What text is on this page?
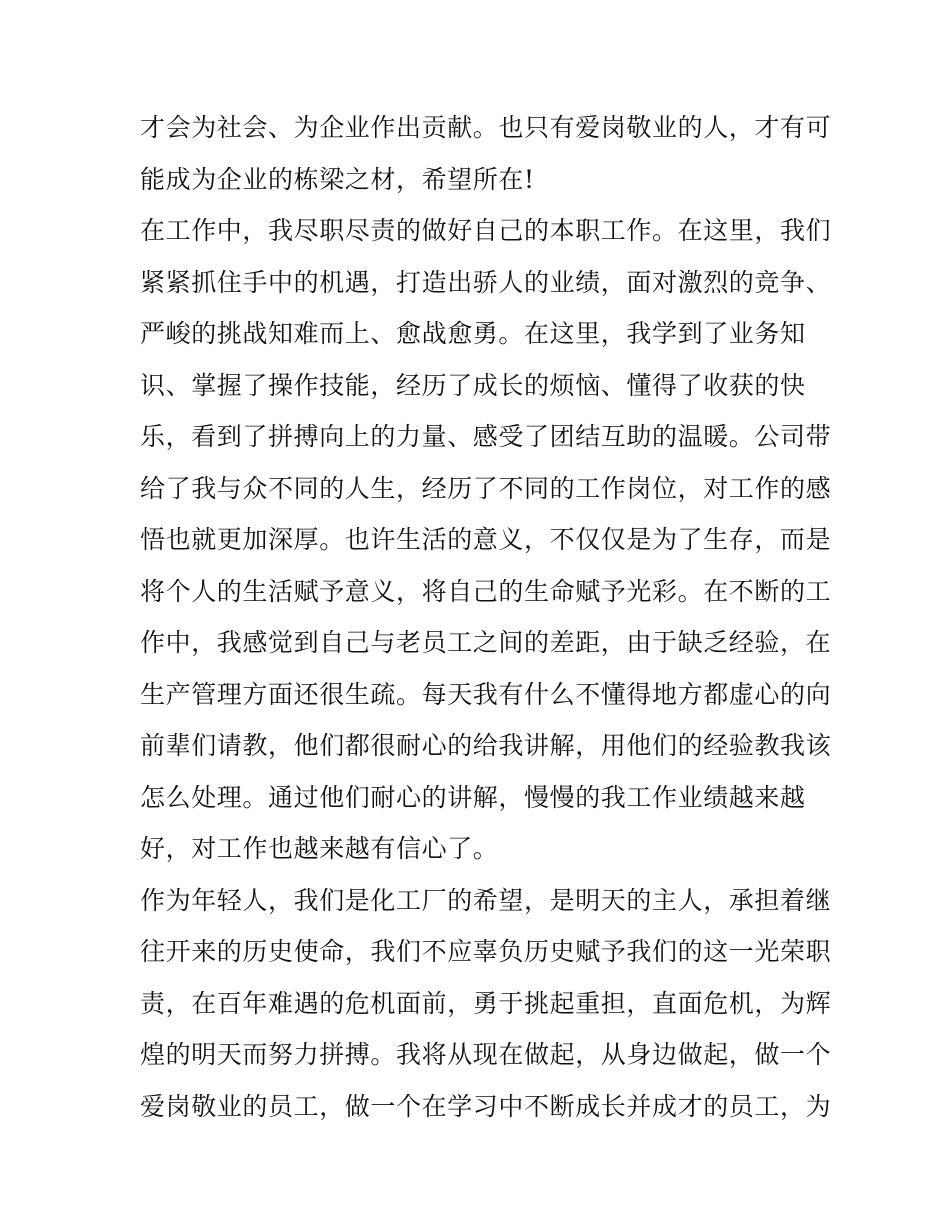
才会为社会、为企业作出贡献。也只有爱岗敬业的人，才有可
能成为企业的栋梁之材，希望所在!
在工作中，我尽职尽责的做好自己的本职工作。在这里，我们
紧紧抓住手中的机遇，打造出骄人的业绩，面对激烈的竞争、
严峻的挑战知难而上、愈战愈勇。在这里，我学到了业务知
识、掌握了操作技能，经历了成长的烦恼、懂得了收获的快
乐，看到了拼搏向上的力量、感受了团结互助的温暖。公司带
给了我与众不同的人生，经历了不同的工作岗位，对工作的感
悟也就更加深厚。也许生活的意义，不仅仅是为了生存，而是
将个人的生活赋予意义，将自己的生命赋予光彩。在不断的工
作中，我感觉到自己与老员工之间的差距，由于缺乏经验，在
生产管理方面还很生疏。每天我有什么不懂得地方都虚心的向
前辈们请教，他们都很耐心的给我讲解，用他们的经验教我该
怎么处理。通过他们耐心的讲解，慢慢的我工作业绩越来越
好，对工作也越来越有信心了。
作为年轻人，我们是化工厂的希望，是明天的主人，承担着继
往开来的历史使命，我们不应辜负历史赋予我们的这一光荣职
责，在百年难遇的危机面前，勇于挑起重担，直面危机，为辉
煌的明天而努力拼搏。我将从现在做起，从身边做起，做一个
爱岗敬业的员工，做一个在学习中不断成长并成才的员工，为
